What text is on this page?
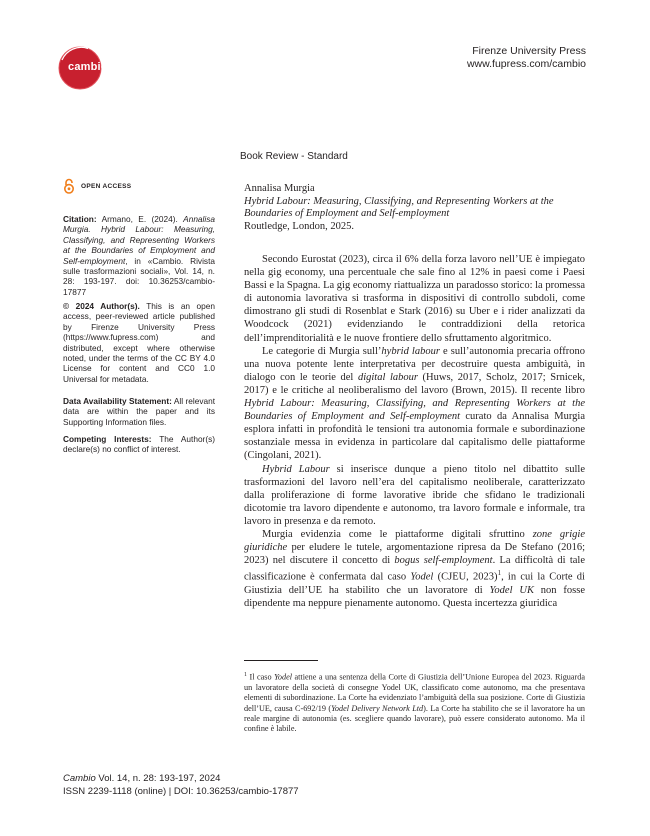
cambio
Firenze University Press
www.fupress.com/cambio
OPEN ACCESS
Citation: Armano, E. (2024). Annalisa Murgia. Hybrid Labour: Measuring, Classifying, and Representing Workers at the Boundaries of Employment and Self-employment, in «Cambio. Rivista sulle trasformazioni sociali», Vol. 14, n. 28: 193-197. doi: 10.36253/cambio-17877
© 2024 Author(s). This is an open access, peer-reviewed article published by Firenze University Press (https://www.fupress.com) and distributed, except where otherwise noted, under the terms of the CC BY 4.0 License for content and CC0 1.0 Universal for metadata.
Data Availability Statement: All relevant data are within the paper and its Supporting Information files.
Competing Interests: The Author(s) declare(s) no conflict of interest.
Book Review - Standard
Annalisa Murgia
Hybrid Labour: Measuring, Classifying, and Representing Workers at the Boundaries of Employment and Self-employment
Routledge, London, 2025.

Secondo Eurostat (2023), circa il 6% della forza lavoro nell’UE è impiegato nella gig economy, una percentuale che sale fino al 12% in paesi come i Paesi Bassi e la Spagna. La gig economy riattualizza un paradosso storico: la promessa di autonomia lavorativa si trasforma in dispositivi di controllo subdoli, come dimostrano gli studi di Rosenblat e Stark (2016) su Uber e i rider analizzati da Woodcock (2021) evidenziando le contraddizioni della retorica dell’imprenditorialità e le nuove frontiere dello sfruttamento algoritmico.

Le categorie di Murgia sull’hybrid labour e sull’autonomia precaria offrono una nuova potente lente interpretativa per decostruire questa ambiguità, in dialogo con le teorie del digital labour (Huws, 2017, Scholz, 2017; Srnicek, 2017) e le critiche al neoliberalismo del lavoro (Brown, 2015). Il recente libro Hybrid Labour: Measuring, Classifying, and Representing Workers at the Boundaries of Employment and Self-employment curato da Annalisa Murgia esplora infatti in profondità le tensioni tra autonomia formale e subordinazione sostanziale messa in evidenza in particolare dal capitalismo delle piattaforme (Cingolani, 2021).

Hybrid Labour si inserisce dunque a pieno titolo nel dibattito sulle trasformazioni del lavoro nell’era del capitalismo neoliberale, caratterizzato dalla proliferazione di forme lavorative ibride che sfidano le tradizionali dicotomie tra lavoro dipendente e autonomo, tra lavoro formale e informale, tra lavoro in presenza e da remoto.

Murgia evidenzia come le piattaforme digitali sfruttino zone grigie giuridiche per eludere le tutele, argomentazione ripresa da De Stefano (2016; 2023) nel discutere il concetto di bogus self-employment. La difficoltà di tale classificazione è confermata dal caso Yodel (CJEU, 2023)$^1$, in cui la Corte di Giustizia dell’UE ha stabilito che un lavoratore di Yodel UK non fosse dipendente ma neppure pienamente autonomo. Questa incertezza giuridica

$^1$ Il caso Yodel attiene a una sentenza della Corte di Giustizia dell’Unione Europea del 2023. Riguarda un lavoratore della società di consegne Yodel UK, classificato come autonomo, ma che presentava elementi di subordinazione. La Corte ha evidenziato l’ambiguità della sua posizione. Corte di Giustizia dell’UE, causa C-692/19 (Yodel Delivery Network Ltd). La Corte ha stabilito che se il lavoratore ha un reale margine di autonomia (es. scegliere quando lavorare), può essere considerato autonomo. Ma il confine è labile.
Cambio Vol. 14, n. 28: 193-197, 2024
ISSN 2239-1118 (online) | DOI: 10.36253/cambio-17877
